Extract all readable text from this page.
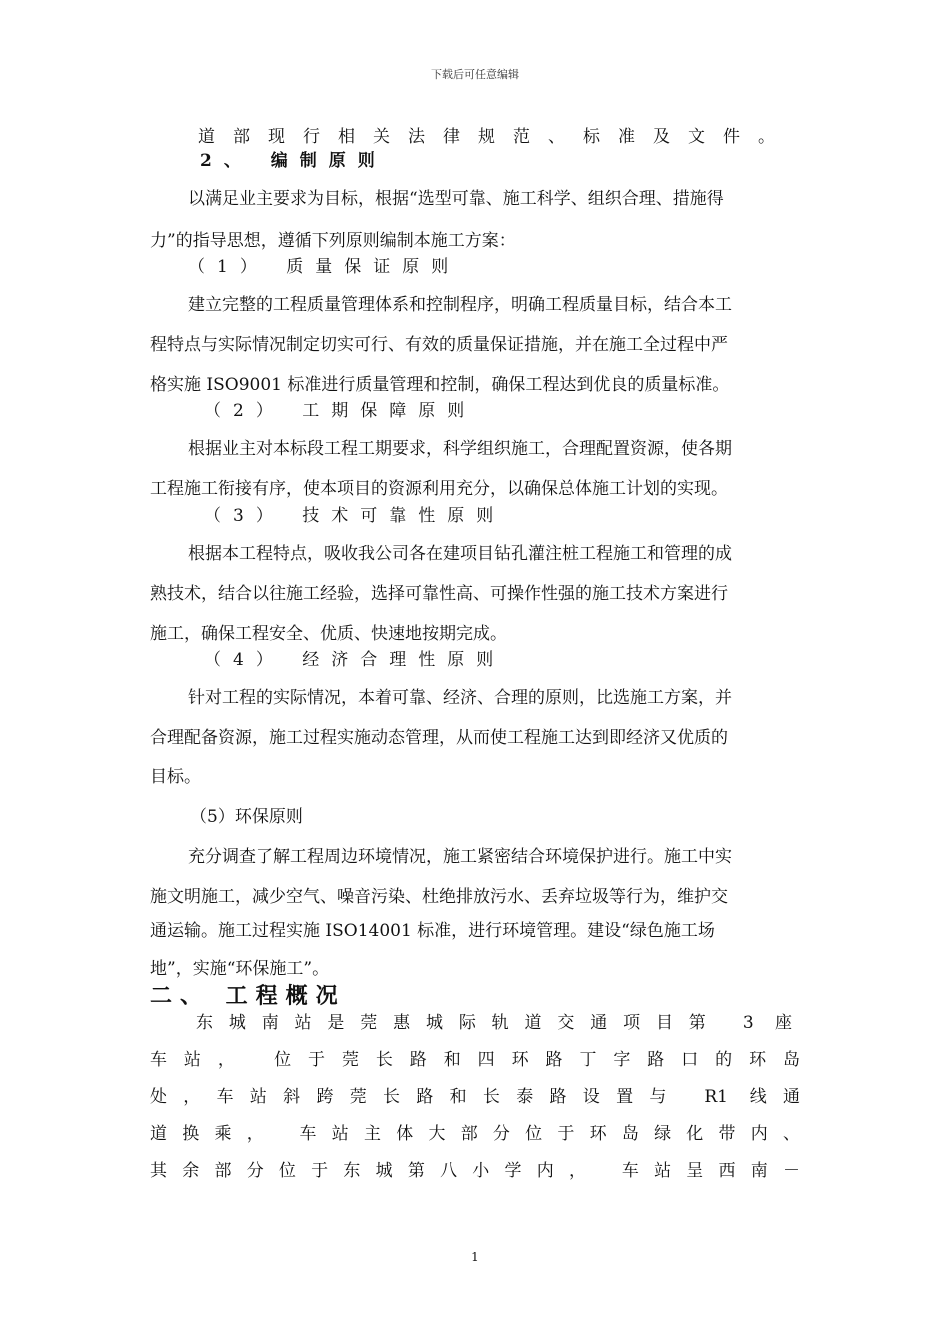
下载后可任意编辑
道部现行相关法律规范、标准及文件。
2、 编制原则
以满足业主要求为目标，根据“选型可靠、施工科学、组织合理、措施得
力”的指导思想，遵循下列原则编制本施工方案：
（1） 质量保证原则
建立完整的工程质量管理体系和控制程序，明确工程质量目标，结合本工
程特点与实际情况制定切实可行、有效的质量保证措施，并在施工全过程中严
格实施 ISO9001 标准进行质量管理和控制，确保工程达到优良的质量标准。
（2） 工期保障原则
根据业主对本标段工程工期要求，科学组织施工，合理配置资源，使各期
工程施工衔接有序，使本项目的资源利用充分，以确保总体施工计划的实现。
（3） 技术可靠性原则
根据本工程特点，吸收我公司各在建项目钻孔灌注桩工程施工和管理的成
熟技术，结合以往施工经验，选择可靠性高、可操作性强的施工技术方案进行
施工，确保工程安全、优质、快速地按期完成。
（4） 经济合理性原则
针对工程的实际情况，本着可靠、经济、合理的原则，比选施工方案，并
合理配备资源，施工过程实施动态管理，从而使工程施工达到即经济又优质的
目标。
（5）环保原则
充分调查了解工程周边环境情况，施工紧密结合环境保护进行。施工中实
施文明施工，减少空气、噪音污染、杜绝排放污水、丢弃垃圾等行为，维护交
通运输。施工过程实施 ISO14001 标准，进行环境管理。建设“绿色施工场
地”，实施“环保施工”。
二、 工程概况
东城南站是莞惠城际轨道交通项目第 3 座
车站， 位于莞长路和四环路丁字路口的环岛
处，车站斜跨莞长路和长泰路设置与 R1 线通
道换乘， 车站主体大部分位于环岛绿化带内、
其余部分位于东城第八小学内， 车站呈西南－
1
